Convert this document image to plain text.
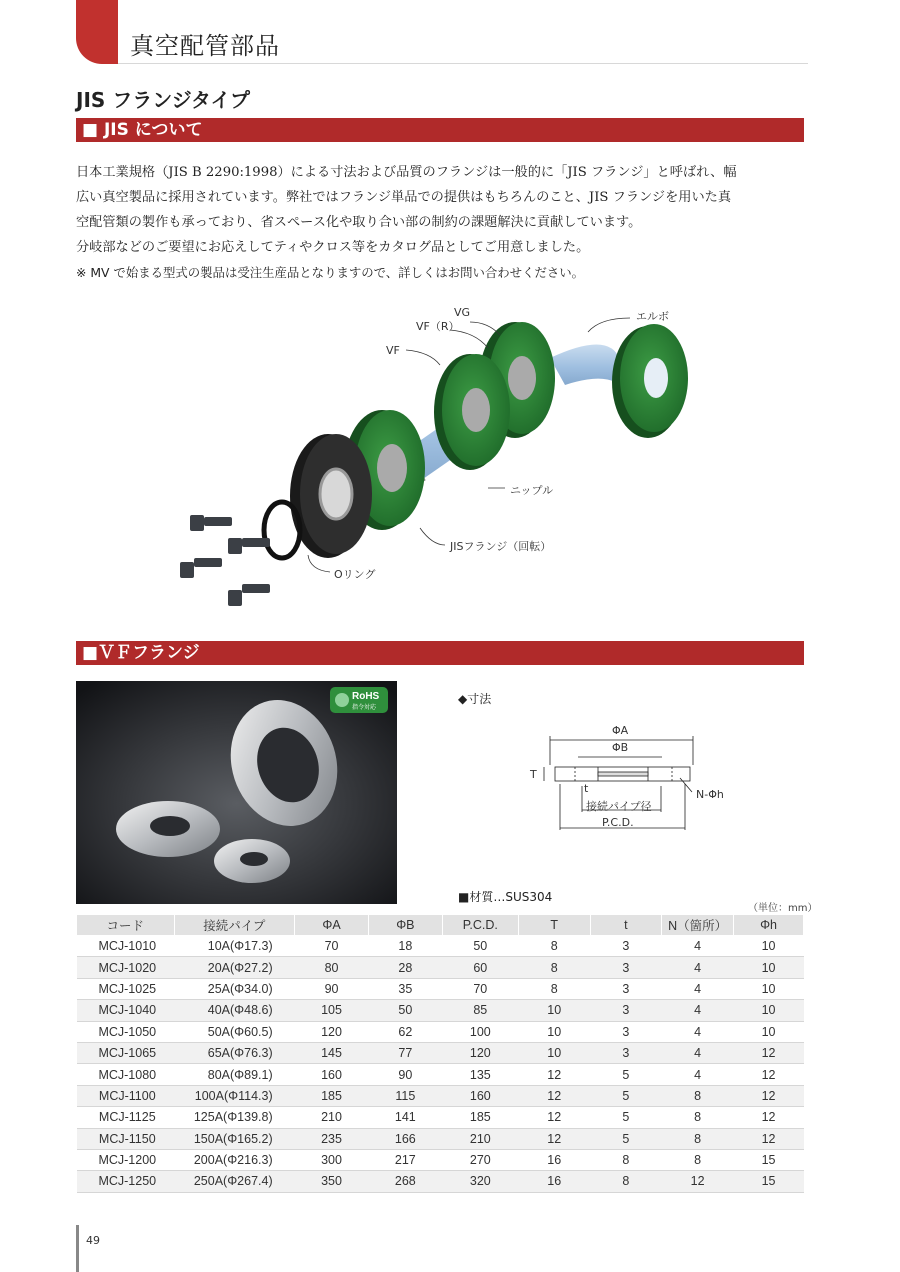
真空配管部品
JIS フランジタイプ
■ JIS について

日本工業規格（JIS B 2290:1998）による寸法および品質のフランジは一般的に「JIS フランジ」と呼ばれ、幅

広い真空製品に採用されています。弊社ではフランジ単品での提供はもちろんのこと、JIS フランジを用いた真

空配管類の製作も承っており、省スペース化や取り合い部の制約の課題解決に貢献しています。

分岐部などのご要望にお応えしてティやクロス等をカタログ品としてご用意しました。

※ MV で始まる型式の製品は受注生産品となりますので、詳しくはお問い合わせください。

VG
VF（R）
VF
エルボ
ニップル
JISフランジ（回転）
Oリング
■ＶＦフランジ
RoHS
指令対応
◆寸法
ΦA
ΦB
T
t	N-Φh
接続パイプ径
P.C.D.
■材質…SUS304
（単位：mm）
コード	接続パイプ	ΦA	ΦB	P.C.D.	T	t	N（箇所）	Φh
MCJ-1010	10A(Φ17.3)	70	18	50	8	3	4	10
MCJ-1020	20A(Φ27.2)	80	28	60	8	3	4	10
MCJ-1025	25A(Φ34.0)	90	35	70	8	3	4	10
MCJ-1040	40A(Φ48.6)	105	50	85	10	3	4	10
MCJ-1050	50A(Φ60.5)	120	62	100	10	3	4	10
MCJ-1065	65A(Φ76.3)	145	77	120	10	3	4	12
MCJ-1080	80A(Φ89.1)	160	90	135	12	5	4	12
MCJ-1100	100A(Φ114.3)	185	115	160	12	5	8	12
MCJ-1125	125A(Φ139.8)	210	141	185	12	5	8	12
MCJ-1150	150A(Φ165.2)	235	166	210	12	5	8	12
MCJ-1200	200A(Φ216.3)	300	217	270	16	8	8	15
MCJ-1250	250A(Φ267.4)	350	268	320	16	8	12	15
49
